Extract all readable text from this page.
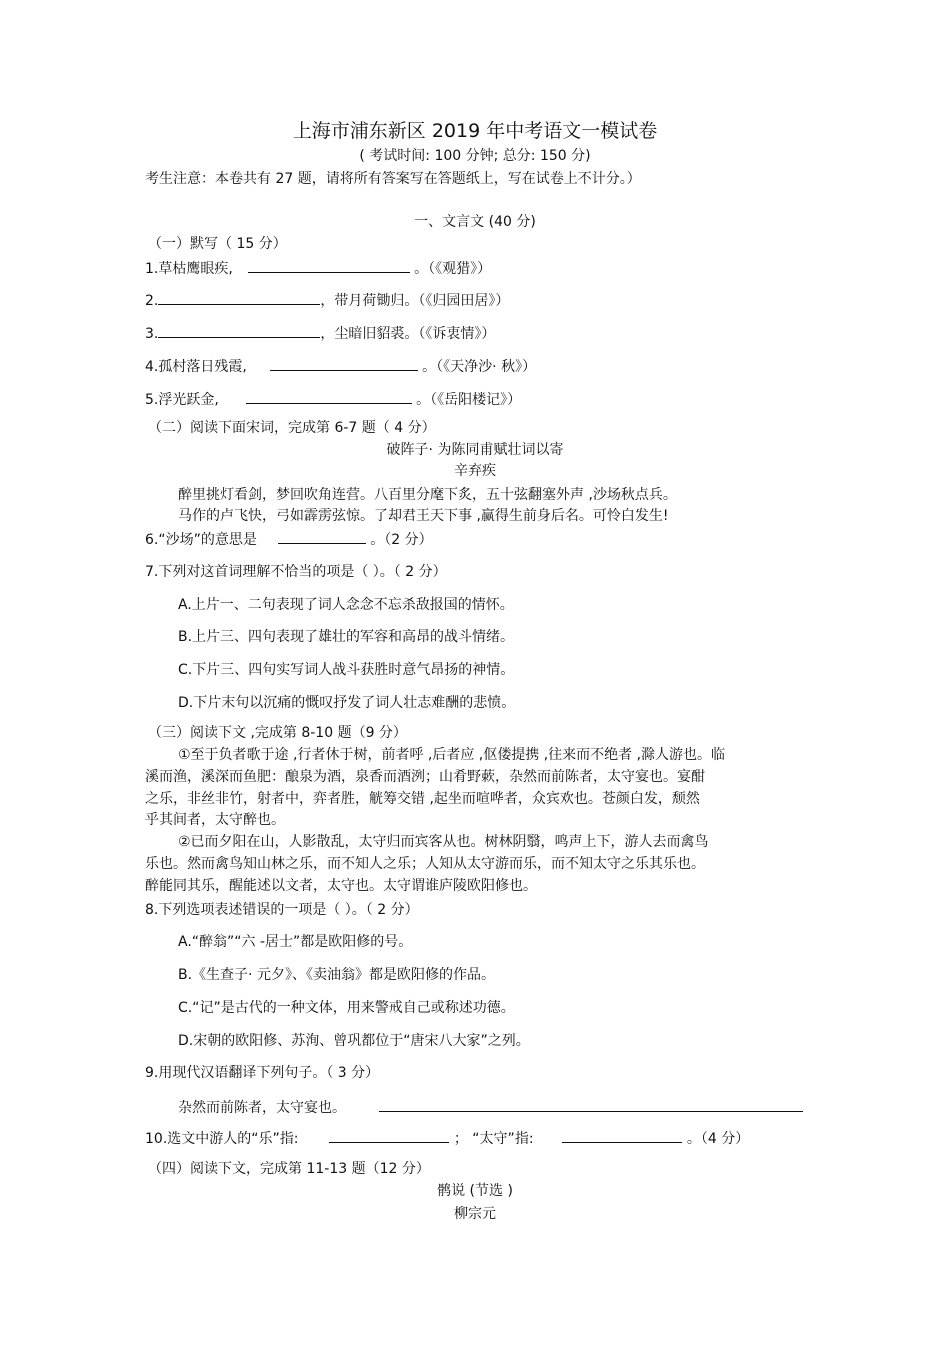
上海市浦东新区 2019 年中考语文一模试卷
( 考试时间: 100 分钟; 总分: 150 分)
考生注意：本卷共有 27 题，请将所有答案写在答题纸上，写在试卷上不计分。）
一、文言文 (40 分)
（一）默写（ 15 分）
1.草枯鹰眼疾,	。（《观猎》）
2.	，带月荷锄归。（《归园田居》）
3.	，尘暗旧貂裘。（《诉衷情》）
4.孤村落日残霞,	。（《天净沙· 秋》）
5.浮光跃金,	。（《岳阳楼记》）
（二）阅读下面宋词，完成第 6-7 题（ 4 分）
破阵子· 为陈同甫赋壮词以寄
辛弃疾
醉里挑灯看剑，梦回吹角连营。八百里分麾下炙，五十弦翻塞外声 ,沙场秋点兵。
马作的卢飞快，弓如霹雳弦惊。了却君王天下事 ,赢得生前身后名。可怜白发生!
6.“沙场”的意思是	。（2 分）
7.下列对这首词理解不恰当的项是（ ）。（ 2 分）
A.上片一、二句表现了词人念念不忘杀敌报国的情怀。
B.上片三、四句表现了雄壮的军容和高昂的战斗情绪。
C.下片三、四句实写词人战斗获胜时意气昂扬的神情。
D.下片末句以沉痛的慨叹抒发了词人壮志难酬的悲愤。
（三）阅读下文 ,完成第 8-10 题（9 分）
①至于负者歌于途 ,行者休于树，前者呼 ,后者应 ,伛偻提携 ,往来而不绝者 ,滁人游也。临
溪而渔，溪深而鱼肥：酿泉为酒，泉香而酒洌；山肴野蔌，杂然而前陈者，太守宴也。宴酣
之乐，非丝非竹，射者中，弈者胜，觥筹交错 ,起坐而喧哗者，众宾欢也。苍颜白发，颓然
乎其间者，太守醉也。
②已而夕阳在山，人影散乱，太守归而宾客从也。树林阴翳，鸣声上下，游人去而禽鸟
乐也。然而禽鸟知山林之乐，而不知人之乐；人知从太守游而乐，而不知太守之乐其乐也。
醉能同其乐，醒能述以文者，太守也。太守谓谁庐陵欧阳修也。
8.下列选项表述错误的一项是（ ）。（ 2 分）
A.“醉翁”“六 -居士”都是欧阳修的号。
B.《生查子· 元夕》、《卖油翁》都是欧阳修的作品。
C.“记”是古代的一种文体，用来警戒自己或称述功德。
D.宋朝的欧阳修、苏洵、曾巩都位于“唐宋八大家”之列。
9.用现代汉语翻译下列句子。（ 3 分）
杂然而前陈者，太守宴也。
10.选文中游人的“乐”指:	； “太守”指:	。（4 分）
（四）阅读下文，完成第 11-13 题（12 分）
鹘说 (节选 )
柳宗元
